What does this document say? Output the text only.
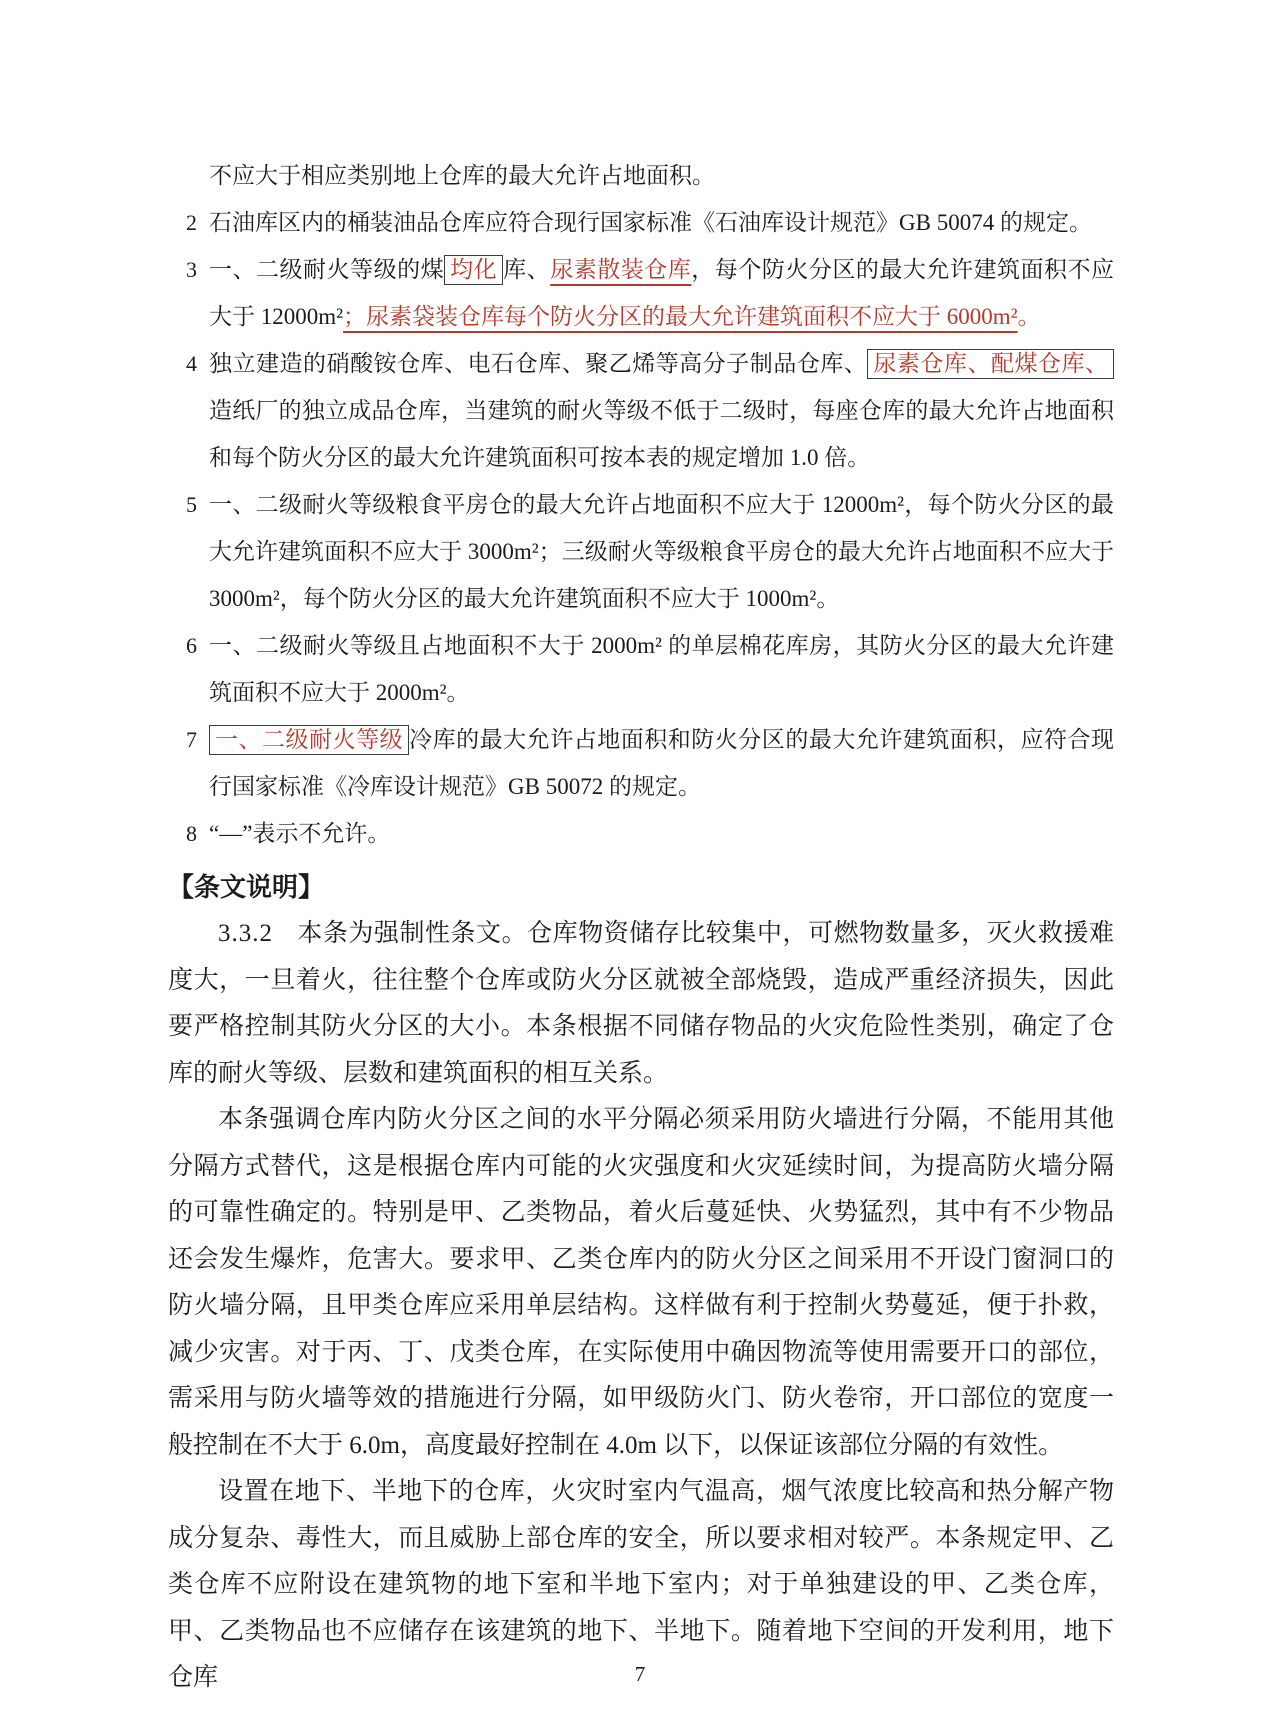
不应大于相应类别地上仓库的最大允许占地面积。
2 石油库区内的桶装油品仓库应符合现行国家标准《石油库设计规范》GB 50074 的规定。
3 一、二级耐火等级的煤 均化 库、尿素散装仓库，每个防火分区的最大允许建筑面积不应大于 12000m²；尿素袋装仓库每个防火分区的最大允许建筑面积不应大于 6000m²。
4 独立建造的硝酸铵仓库、电石仓库、聚乙烯等高分子制品仓库、 尿素仓库、配煤仓库、造纸厂的独立成品仓库，当建筑的耐火等级不低于二级时，每座仓库的最大允许占地面积和每个防火分区的最大允许建筑面积可按本表的规定增加 1.0 倍。
5 一、二级耐火等级粮食平房仓的最大允许占地面积不应大于 12000m²，每个防火分区的最大允许建筑面积不应大于 3000m²；三级耐火等级粮食平房仓的最大允许占地面积不应大于 3000m²，每个防火分区的最大允许建筑面积不应大于 1000m²。
6 一、二级耐火等级且占地面积不大于 2000m² 的单层棉花库房，其防火分区的最大允许建筑面积不应大于 2000m²。
7 一、二级耐火等级 冷库的最大允许占地面积和防火分区的最大允许建筑面积，应符合现行国家标准《冷库设计规范》GB 50072 的规定。
8 “—”表示不允许。
【条文说明】

3.3.2 本条为强制性条文。仓库物资储存比较集中，可燃物数量多，灭火救援难度大，一旦着火，往往整个仓库或防火分区就被全部烧毁，造成严重经济损失，因此要严格控制其防火分区的大小。本条根据不同储存物品的火灾危险性类别，确定了仓库的耐火等级、层数和建筑面积的相互关系。

本条强调仓库内防火分区之间的水平分隔必须采用防火墙进行分隔，不能用其他分隔方式替代，这是根据仓库内可能的火灾强度和火灾延续时间，为提高防火墙分隔的可靠性确定的。特别是甲、乙类物品，着火后蔓延快、火势猛烈，其中有不少物品还会发生爆炸，危害大。要求甲、乙类仓库内的防火分区之间采用不开设门窗洞口的防火墙分隔，且甲类仓库应采用单层结构。这样做有利于控制火势蔓延，便于扑救，减少灾害。对于丙、丁、戊类仓库，在实际使用中确因物流等使用需要开口的部位，需采用与防火墙等效的措施进行分隔，如甲级防火门、防火卷帘，开口部位的宽度一般控制在不大于 6.0m，高度最好控制在 4.0m 以下，以保证该部位分隔的有效性。

设置在地下、半地下的仓库，火灾时室内气温高，烟气浓度比较高和热分解产物成分复杂、毒性大，而且威胁上部仓库的安全，所以要求相对较严。本条规定甲、乙类仓库不应附设在建筑物的地下室和半地下室内；对于单独建设的甲、乙类仓库，甲、乙类物品也不应储存在该建筑的地下、半地下。随着地下空间的开发利用，地下仓库	7
